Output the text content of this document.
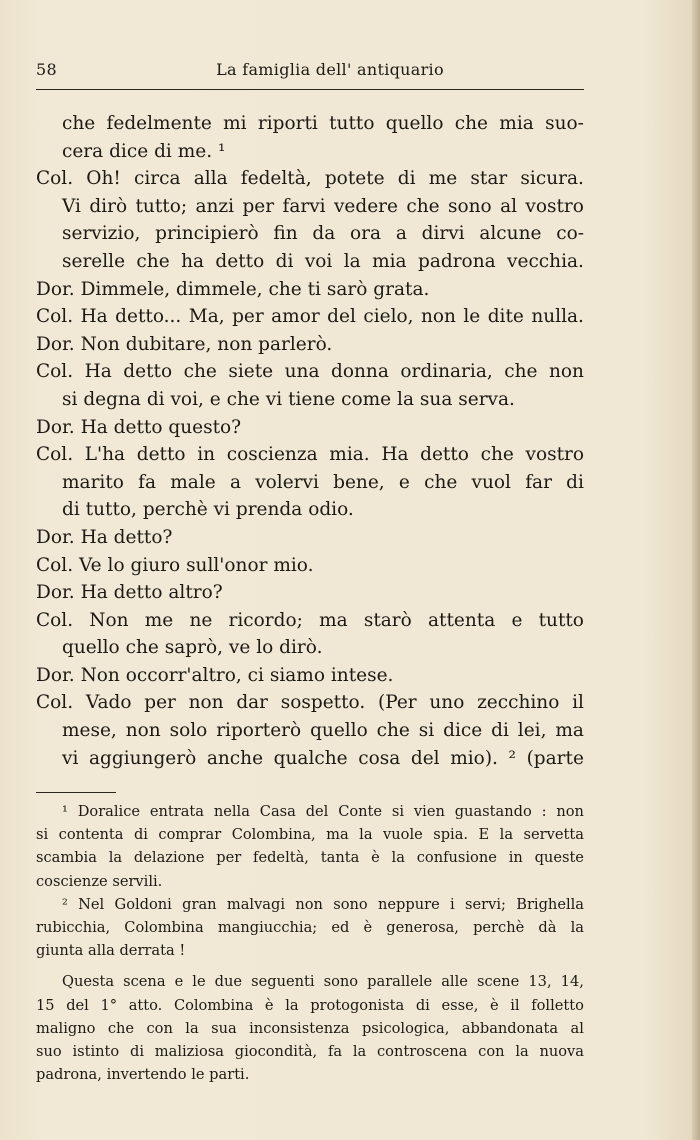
58	La famiglia dell' antiquario
che fedelmente mi riporti tutto quello che mia suo-
cera dice di me. ¹
Col. Oh! circa alla fedeltà, potete di me star sicura.
Vi dirò tutto; anzi per farvi vedere che sono al vostro
servizio, principierò fin da ora a dirvi alcune co-
serelle che ha detto di voi la mia padrona vecchia.
Dor. Dimmele, dimmele, che ti sarò grata.
Col. Ha detto... Ma, per amor del cielo, non le dite nulla.
Dor. Non dubitare, non parlerò.
Col. Ha detto che siete una donna ordinaria, che non
si degna di voi, e che vi tiene come la sua serva.
Dor. Ha detto questo?
Col. L'ha detto in coscienza mia. Ha detto che vostro
marito fa male a volervi bene, e che vuol far di
di tutto, perchè vi prenda odio.
Dor. Ha detto?
Col. Ve lo giuro sull'onor mio.
Dor. Ha detto altro?
Col. Non me ne ricordo; ma starò attenta e tutto
quello che saprò, ve lo dirò.
Dor. Non occorr'altro, ci siamo intese.
Col. Vado per non dar sospetto. (Per uno zecchino il
mese, non solo riporterò quello che si dice di lei, ma
vi aggiungerò anche qualche cosa del mio). ² (parte
¹ Doralice entrata nella Casa del Conte si vien guastando : non
si contenta di comprar Colombina, ma la vuole spia. E la servetta
scambia la delazione per fedeltà, tanta è la confusione in queste
coscienze servili.
² Nel Goldoni gran malvagi non sono neppure i servi; Brighella
rubicchia, Colombina mangiucchia; ed è generosa, perchè dà la
giunta alla derrata !
Questa scena e le due seguenti sono parallele alle scene 13, 14,
15 del 1° atto. Colombina è la protogonista di esse, è il folletto
maligno che con la sua inconsistenza psicologica, abbandonata al
suo istinto di maliziosa giocondità, fa la controscena con la nuova
padrona, invertendo le parti.
